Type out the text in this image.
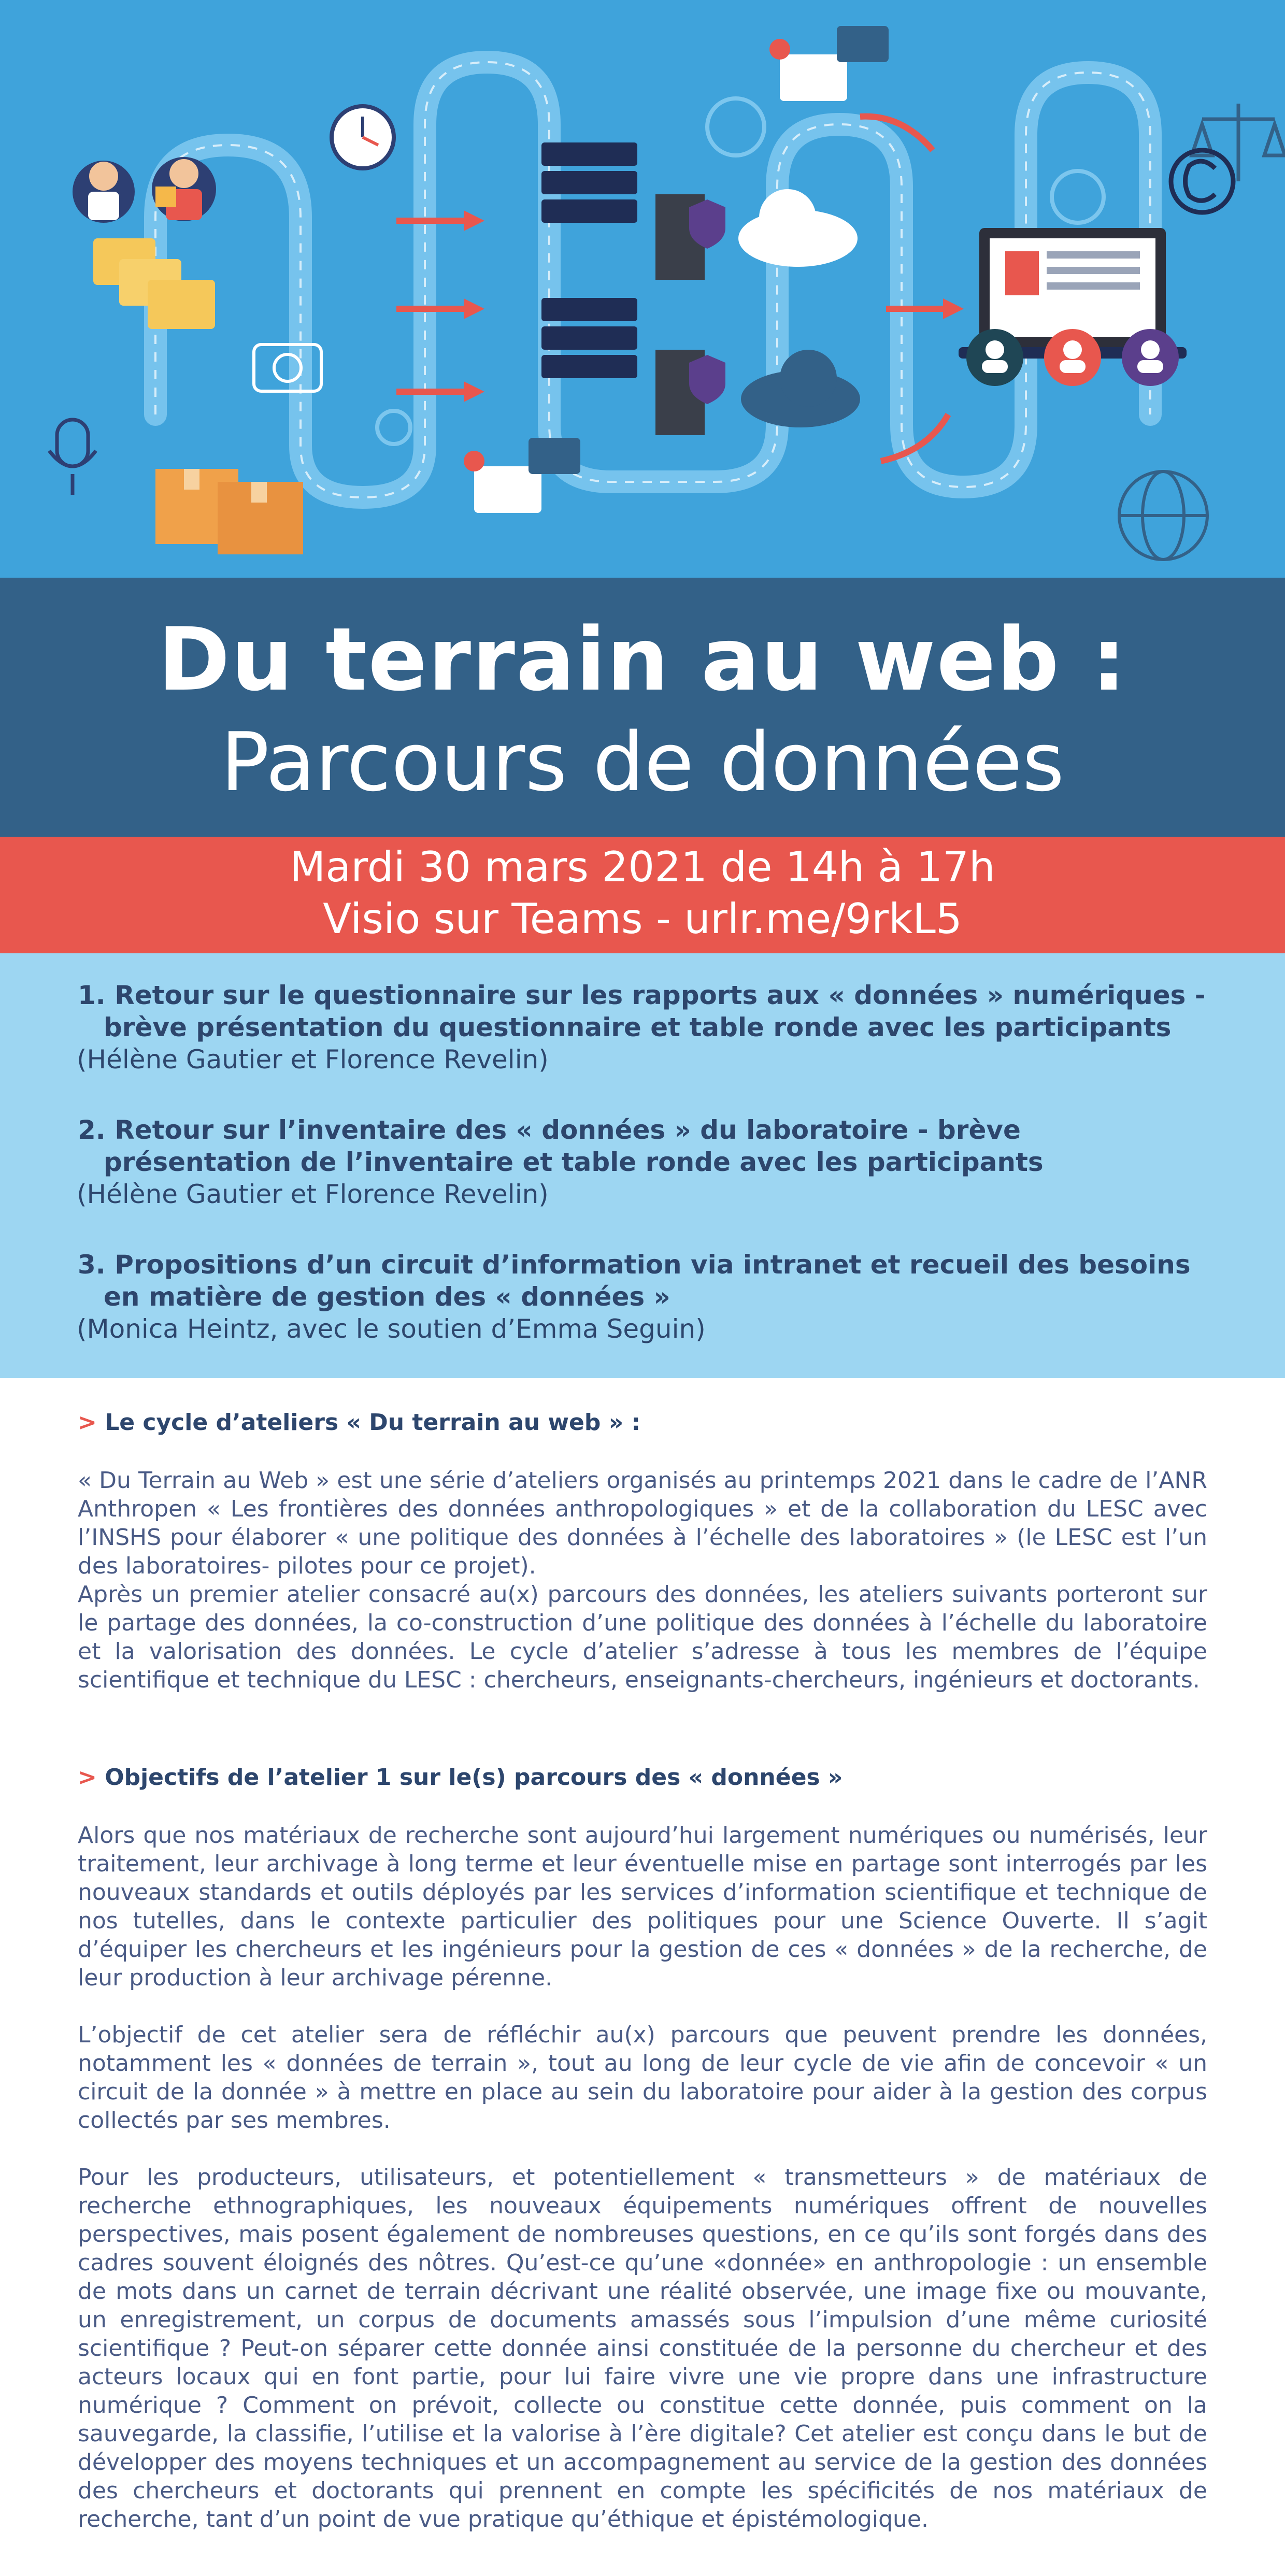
Du terrain au web :
Parcours de données
Mardi 30 mars 2021 de 14h à 17h
Visio sur Teams - urlr.me/9rkL5
1. Retour sur le questionnaire sur les rapports aux « données » numériques - brève présentation du questionnaire et table ronde avec les participants
(Hélène Gautier et Florence Revelin)
2. Retour sur l’inventaire des « données » du laboratoire - brève présentation de l’inventaire et table ronde avec les participants
(Hélène Gautier et Florence Revelin)
3. Propositions d’un circuit d’information via intranet et recueil des besoins en matière de gestion des « données »
(Monica Heintz, avec le soutien d’Emma Seguin)
> Le cycle d’ateliers « Du terrain au web » :
« Du Terrain au Web » est une série d’ateliers organisés au printemps 2021 dans le cadre de l’ANR Anthropen « Les frontières des données anthropologiques » et de la collaboration du LESC avec l’INSHS pour élaborer « une politique des données à l’échelle des laboratoires » (le LESC est l’un des laboratoires- pilotes pour ce projet).
Après un premier atelier consacré au(x) parcours des données, les ateliers suivants porteront sur le partage des données, la co-construction d’une politique des données à l’échelle du laboratoire et la valorisation des données. Le cycle d’atelier s’adresse à tous les membres de l’équipe scientifique et technique du LESC : chercheurs, enseignants-chercheurs, ingénieurs et doctorants.
> Objectifs de l’atelier 1 sur le(s) parcours des « données »
Alors que nos matériaux de recherche sont aujourd’hui largement numériques ou numérisés, leur traitement, leur archivage à long terme et leur éventuelle mise en partage sont interrogés par les nouveaux standards et outils déployés par les services d’information scientifique et technique de nos tutelles, dans le contexte particulier des politiques pour une Science Ouverte. Il s’agit d’équiper les chercheurs et les ingénieurs pour la gestion de ces « données » de la recherche, de leur production à leur archivage pérenne.
L’objectif de cet atelier sera de réfléchir au(x) parcours que peuvent prendre les données, notamment les « données de terrain », tout au long de leur cycle de vie afin de concevoir « un circuit de la donnée » à mettre en place au sein du laboratoire pour aider à la gestion des corpus collectés par ses membres.
Pour les producteurs, utilisateurs, et potentiellement « transmetteurs » de matériaux de recherche ethnographiques, les nouveaux équipements numériques offrent de nouvelles perspectives, mais posent également de nombreuses questions, en ce qu’ils sont forgés dans des cadres souvent éloignés des nôtres. Qu’est-ce qu’une «donnée» en anthropologie : un ensemble de mots dans un carnet de terrain décrivant une réalité observée, une image fixe ou mouvante, un enregistrement, un corpus de documents amassés sous l’impulsion d’une même curiosité scientifique ? Peut-on séparer cette donnée ainsi constituée de la personne du chercheur et des acteurs locaux qui en font partie, pour lui faire vivre une vie propre dans une infrastructure numérique ? Comment on prévoit, collecte ou constitue cette donnée, puis comment on la sauvegarde, la classifie, l’utilise et la valorise à l’ère digitale? Cet atelier est conçu dans le but de développer des moyens techniques et un accompagnement au service de la gestion des données des chercheurs et doctorants qui prennent en compte les spécificités de nos matériaux de recherche, tant d’un point de vue pratique qu’éthique et épistémologique.
